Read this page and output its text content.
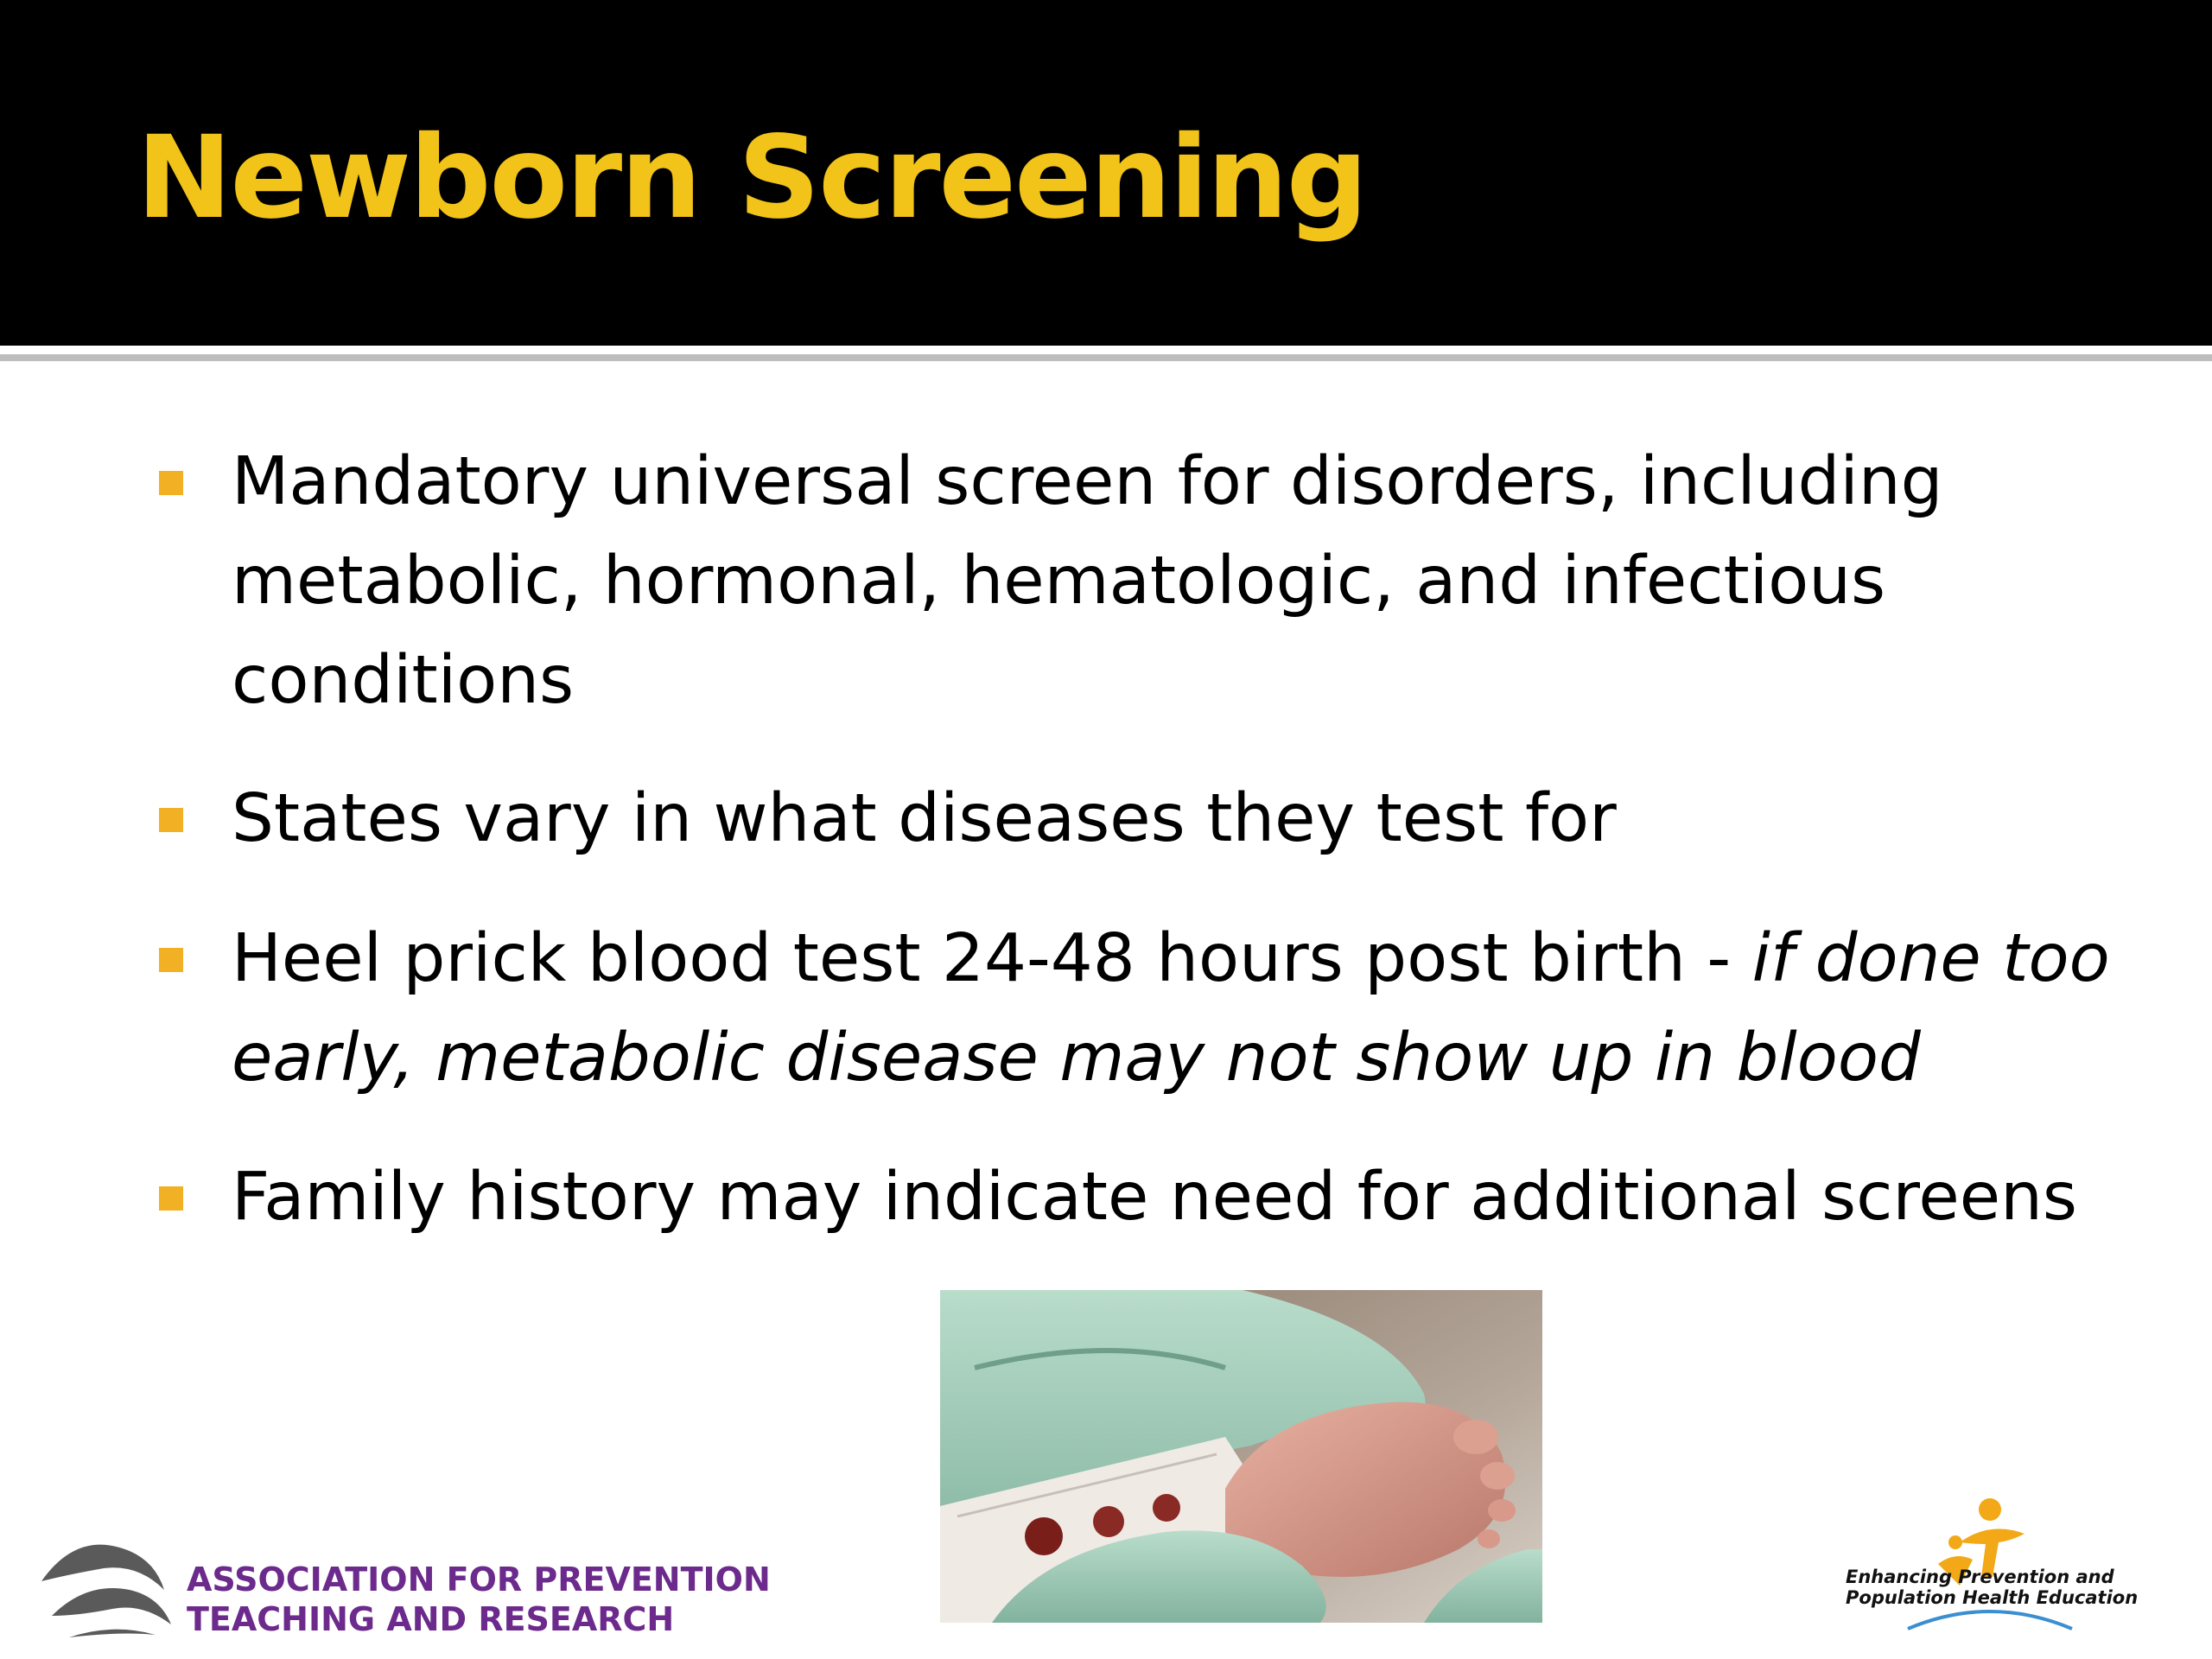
Newborn Screening
Mandatory universal screen for disorders, including
metabolic, hormonal, hematologic, and infectious
conditions
States vary in what diseases they test for
Heel prick blood test 24-48 hours post birth - if done too
early, metabolic disease may not show up in blood
Family history may indicate need for additional screens
ASSOCIATION FOR PREVENTION
TEACHING AND RESEARCH
Enhancing Prevention and
Population Health Education
